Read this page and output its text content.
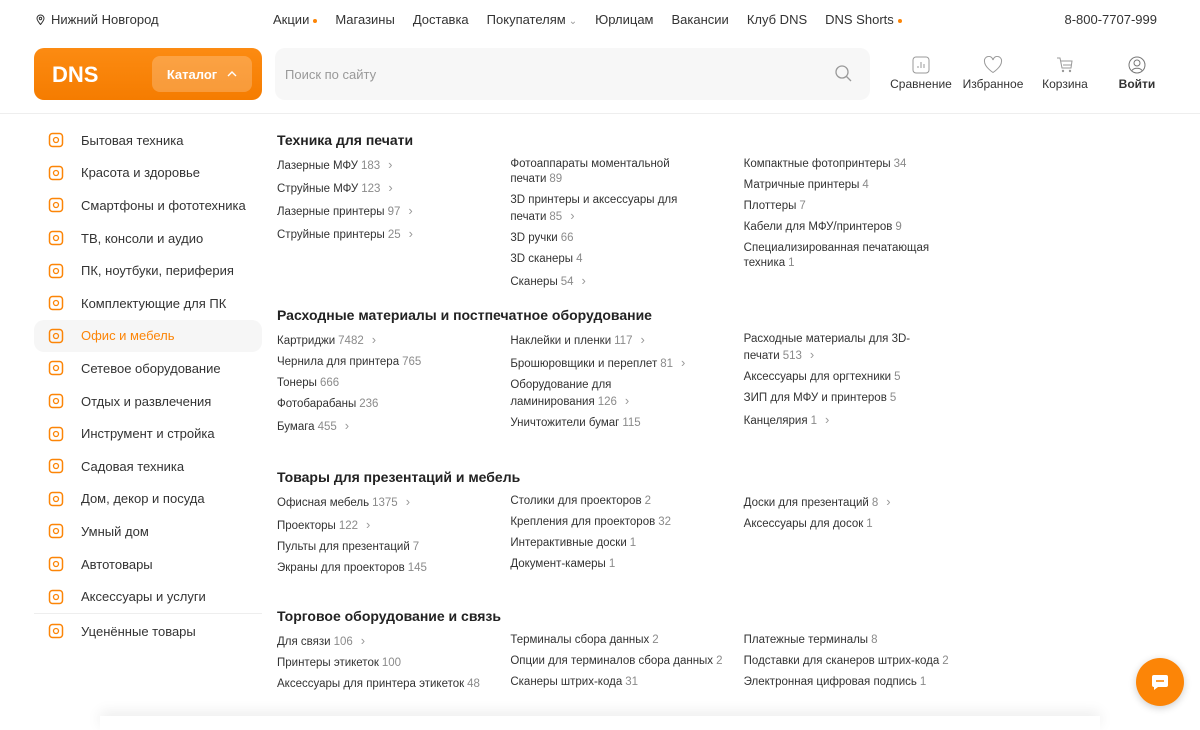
Нижний Новгород	Акции	Магазины Доставка Покупателям ⌄ Юрлицам Вакансии Клуб DNS DNS Shorts	8-800-7707-999
DNS	Каталог
Поиск по сайту
Сравнение Избранное Корзина	Войти
Бытовая техника
Красота и здоровье
Смартфоны и фототехника
ТВ, консоли и аудио
ПК, ноутбуки, периферия
Комплектующие для ПК
Офис и мебель
Сетевое оборудование
Отдых и развлечения
Инструмент и стройка
Садовая техника
Дом, декор и посуда
Умный дом
Автотовары
Аксессуары и услуги
Уценённые товары
Техника для печати
Лазерные МФУ 183 ›
Струйные МФУ 123 ›
Лазерные принтеры 97 ›
Струйные принтеры 25 ›
Фотоаппараты моментальной печати 89
3D принтеры и аксессуары для печати 85 ›
3D ручки 66
3D сканеры 4
Сканеры 54 ›
Компактные фотопринтеры 34
Матричные принтеры 4
Плоттеры 7
Кабели для МФУ/принтеров 9
Специализированная печатающая техника 1
Расходные материалы и постпечатное оборудование
Картриджи 7482 ›
Чернила для принтера 765
Тонеры 666
Фотобарабаны 236
Бумага 455 ›
Наклейки и пленки 117 ›
Брошюровщики и переплет 81 ›
Оборудование для ламинирования 126 ›
Уничтожители бумаг 115
Расходные материалы для 3D-печати 513 ›
Аксессуары для оргтехники 5
ЗИП для МФУ и принтеров 5
Канцелярия 1 ›
Товары для презентаций и мебель
Офисная мебель 1375 ›
Проекторы 122 ›
Пульты для презентаций 7
Экраны для проекторов 145
Столики для проекторов 2
Крепления для проекторов 32
Интерактивные доски 1
Документ-камеры 1
Доски для презентаций 8 ›
Аксессуары для досок 1
Торговое оборудование и связь
Для связи 106 ›
Принтеры этикеток 100
Аксессуары для принтера этикеток 48
Терминалы сбора данных 2
Опции для терминалов сбора данных 2
Сканеры штрих-кода 31
Платежные терминалы 8
Подставки для сканеров штрих-кода 2
Электронная цифровая подпись 1
